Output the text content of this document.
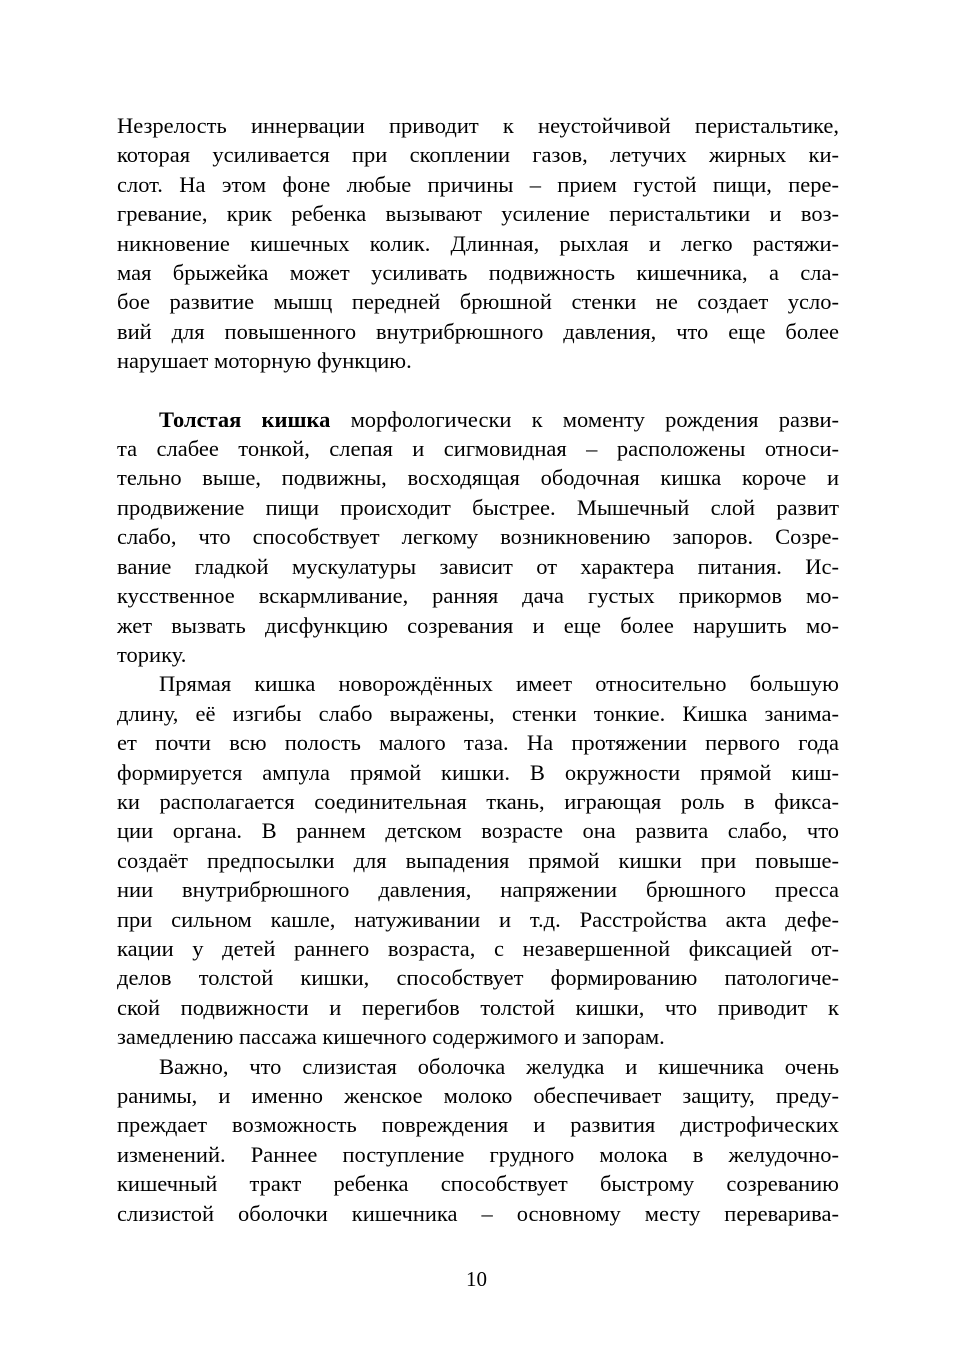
Незрелость иннервации приводит к неустойчивой перистальтике,
которая усиливается при скоплении газов, летучих жирных ки-
слот. На этом фоне любые причины – прием густой пищи, пере-
гревание, крик ребенка вызывают усиление перистальтики и воз-
никновение кишечных колик. Длинная, рыхлая и легко растяжи-
мая брыжейка может усиливать подвижность кишечника, а сла-
бое развитие мышц передней брюшной стенки не создает усло-
вий для повышенного внутрибрюшного давления, что еще более
нарушает моторную функцию.

Толстая кишка морфологически к моменту рождения разви-
та слабее тонкой, слепая и сигмовидная – расположены относи-
тельно выше, подвижны, восходящая ободочная кишка короче и
продвижение пищи происходит быстрее. Мышечный слой развит
слабо, что способствует легкому возникновению запоров. Созре-
вание гладкой мускулатуры зависит от характера питания. Ис-
кусственное вскармливание, ранняя дача густых прикормов мо-
жет вызвать дисфункцию созревания и еще более нарушить мо-
торику.

Прямая кишка новорождённых имеет относительно большую
длину, её изгибы слабо выражены, стенки тонкие. Кишка занима-
ет почти всю полость малого таза. На протяжении первого года
формируется ампула прямой кишки. В окружности прямой киш-
ки располагается соединительная ткань, играющая роль в фикса-
ции органа. В раннем детском возрасте она развита слабо, что
создаёт предпосылки для выпадения прямой кишки при повыше-
нии внутрибрюшного давления, напряжении брюшного пресса
при сильном кашле, натуживании и т.д. Расстройства акта дефе-
кации у детей раннего возраста, с незавершенной фиксацией от-
делов толстой кишки, способствует формированию патологиче-
ской подвижности и перегибов толстой кишки, что приводит к
замедлению пассажа кишечного содержимого и запорам.

Важно, что слизистая оболочка желудка и кишечника очень
ранимы, и именно женское молоко обеспечивает защиту, преду-
преждает возможность повреждения и развития дистрофических
изменений. Раннее поступление грудного молока в желудочно-
кишечный тракт ребенка способствует быстрому созреванию
слизистой оболочки кишечника – основному месту переварива-

10
